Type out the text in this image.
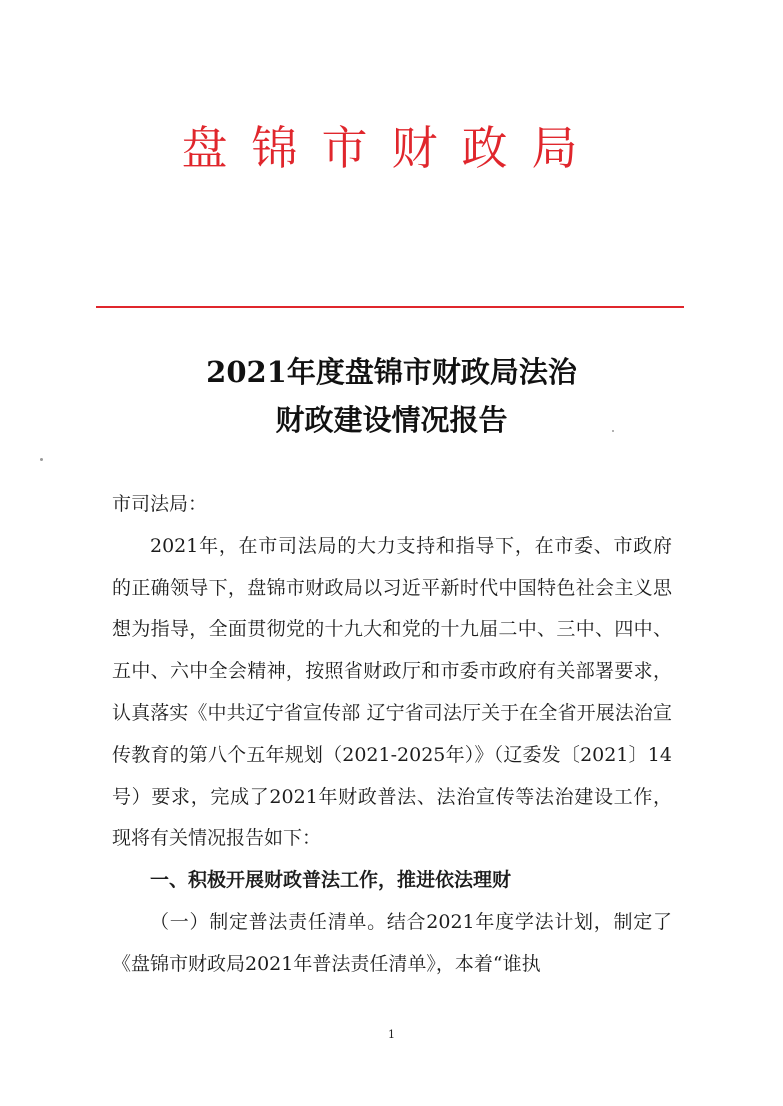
盘锦市财政局
2021年度盘锦市财政局法治
财政建设情况报告

市司法局：

2021年，在市司法局的大力支持和指导下，在市委、市政府的正确领导下，盘锦市财政局以习近平新时代中国特色社会主义思想为指导，全面贯彻党的十九大和党的十九届二中、三中、四中、五中、六中全会精神，按照省财政厅和市委市政府有关部署要求，认真落实《中共辽宁省宣传部 辽宁省司法厅关于在全省开展法治宣传教育的第八个五年规划（2021-2025年）》（辽委发〔2021〕14号）要求，完成了2021年财政普法、法治宣传等法治建设工作，现将有关情况报告如下：

一、积极开展财政普法工作，推进依法理财

（一）制定普法责任清单。结合2021年度学法计划，制定了《盘锦市财政局2021年普法责任清单》，本着“谁执

1
